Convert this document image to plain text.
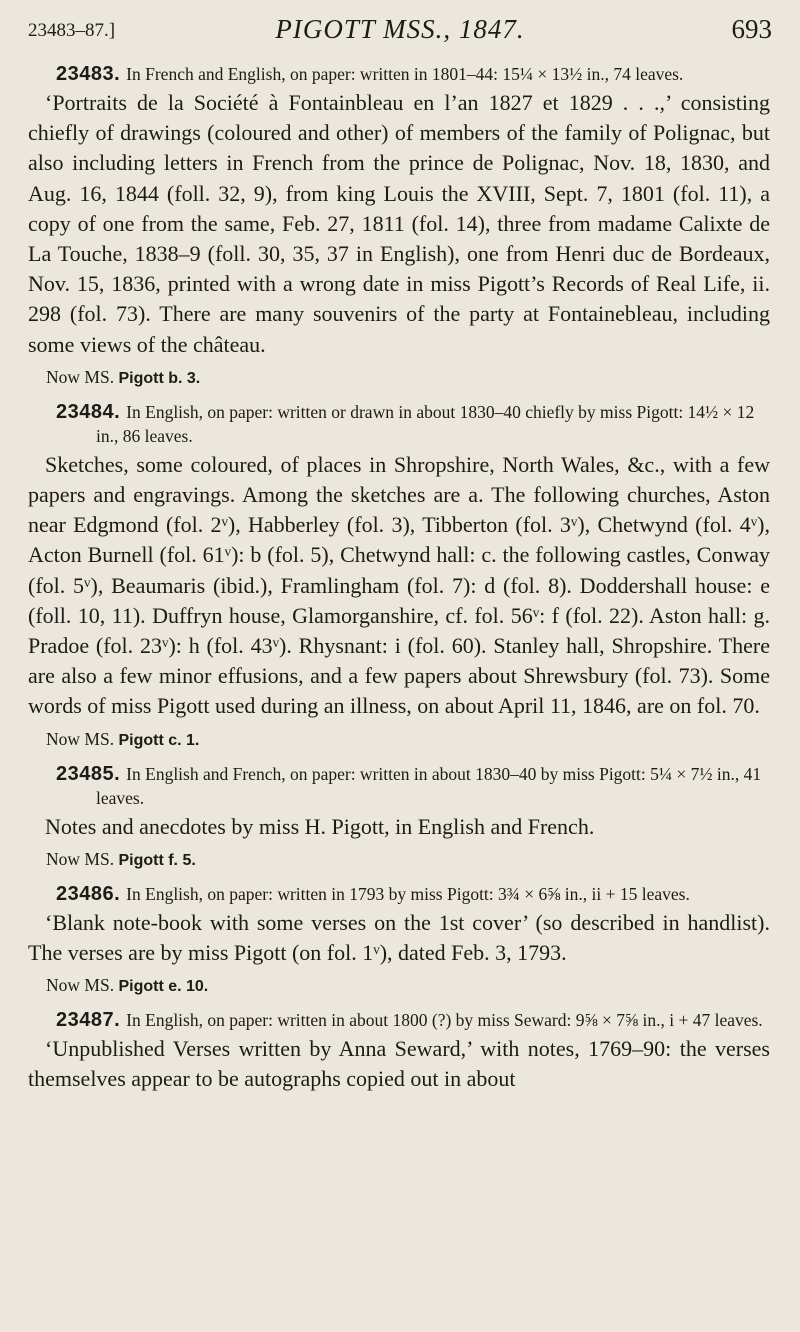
23483–87.]	PIGOTT MSS., 1847.	693

23483. In French and English, on paper: written in 1801–44: 15¼ × 13½ in., 74 leaves.

‘Portraits de la Société à Fontainbleau en l’an 1827 et 1829 . . .,’ consisting chiefly of drawings (coloured and other) of members of the family of Polignac, but also including letters in French from the prince de Polignac, Nov. 18, 1830, and Aug. 16, 1844 (foll. 32, 9), from king Louis the XVIII, Sept. 7, 1801 (fol. 11), a copy of one from the same, Feb. 27, 1811 (fol. 14), three from madame Calixte de La Touche, 1838–9 (foll. 30, 35, 37 in English), one from Henri duc de Bordeaux, Nov. 15, 1836, printed with a wrong date in miss Pigott’s Records of Real Life, ii. 298 (fol. 73). There are many souvenirs of the party at Fontainebleau, including some views of the château.

Now MS. Pigott b. 3.

23484. In English, on paper: written or drawn in about 1830–40 chiefly by miss Pigott: 14½ × 12 in., 86 leaves.

Sketches, some coloured, of places in Shropshire, North Wales, &c., with a few papers and engravings. Among the sketches are a. The following churches, Aston near Edgmond (fol. 2ᵛ), Habberley (fol. 3), Tibberton (fol. 3ᵛ), Chetwynd (fol. 4ᵛ), Acton Burnell (fol. 61ᵛ): b (fol. 5), Chetwynd hall: c. the following castles, Conway (fol. 5ᵛ), Beaumaris (ibid.), Framlingham (fol. 7): d (fol. 8). Doddershall house: e (foll. 10, 11). Duffryn house, Glamorganshire, cf. fol. 56ᵛ: f (fol. 22). Aston hall: g. Pradoe (fol. 23ᵛ): h (fol. 43ᵛ). Rhysnant: i (fol. 60). Stanley hall, Shropshire. There are also a few minor effusions, and a few papers about Shrewsbury (fol. 73). Some words of miss Pigott used during an illness, on about April 11, 1846, are on fol. 70.

Now MS. Pigott c. 1.

23485. In English and French, on paper: written in about 1830–40 by miss Pigott: 5¼ × 7½ in., 41 leaves.

Notes and anecdotes by miss H. Pigott, in English and French.

Now MS. Pigott f. 5.

23486. In English, on paper: written in 1793 by miss Pigott: 3¾ × 6⅝ in., ii + 15 leaves.

‘Blank note-book with some verses on the 1st cover’ (so described in handlist). The verses are by miss Pigott (on fol. 1ᵛ), dated Feb. 3, 1793.

Now MS. Pigott e. 10.

23487. In English, on paper: written in about 1800 (?) by miss Seward: 9⅝ × 7⅝ in., i + 47 leaves.

‘Unpublished Verses written by Anna Seward,’ with notes, 1769–90: the verses themselves appear to be autographs copied out in about
